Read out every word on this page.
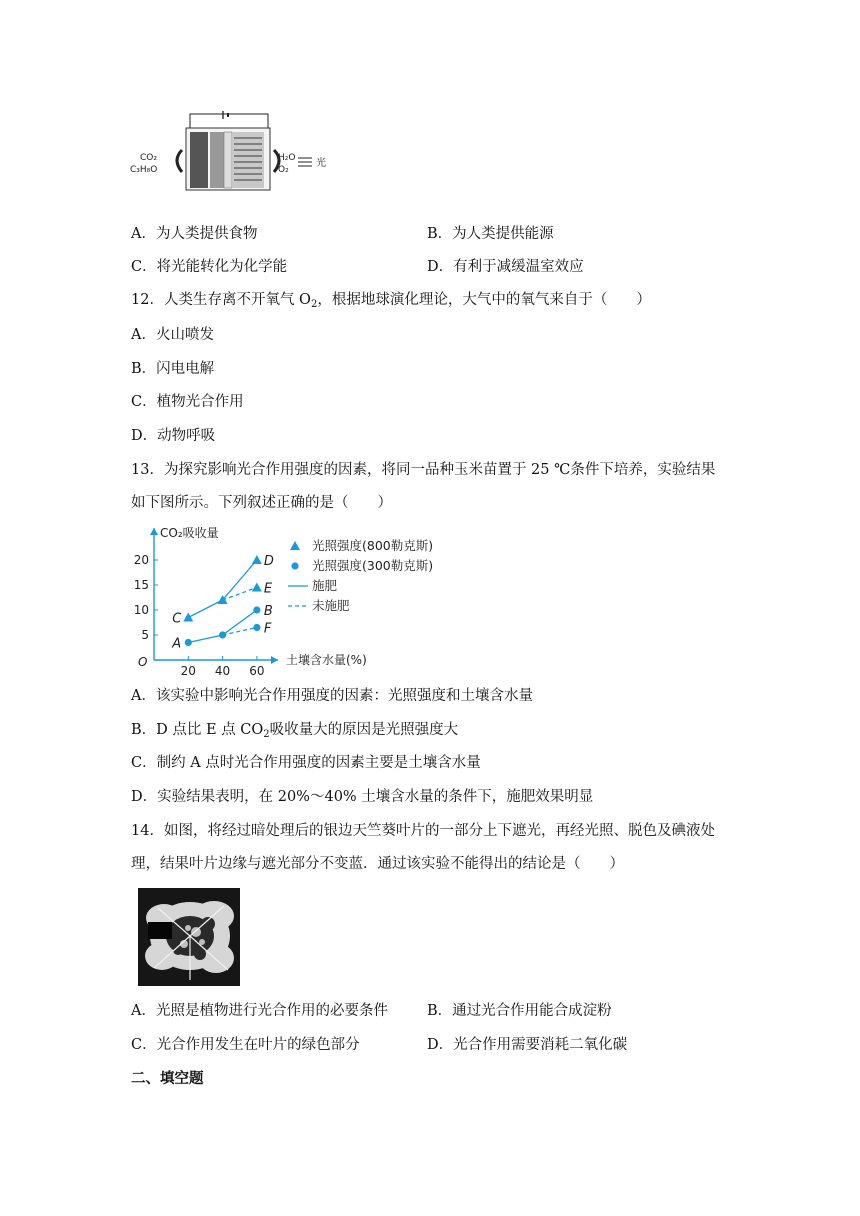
CO₂
C₃H₈O
H₂O
O₂
光
A．为人类提供食物	B．为人类提供能源
C．将光能转化为化学能	D．有利于减缓温室效应
12．人类生存离不开氧气 $O_2$，根据地球演化理论，大气中的氧气来自于（　　）
A．火山喷发
B．闪电电解
C．植物光合作用
D．动物呼吸
13．为探究影响光合作用强度的因素，将同一品种玉米苗置于 25 ℃条件下培养，实验结果
如下图所示。下列叙述正确的是（　　）
CO₂吸收量
土壤含水量(%)
O
5
10
15
20
20 40 60
C
D
E
A
B
F
光照强度(800勒克斯)
光照强度(300勒克斯)
施肥
未施肥
A．该实验中影响光合作用强度的因素：光照强度和土壤含水量
B．D 点比 E 点 $CO_2$吸收量大的原因是光照强度大
C．制约 A 点时光合作用强度的因素主要是土壤含水量
D．实验结果表明，在 20%～40% 土壤含水量的条件下，施肥效果明显
14．如图，将经过暗处理后的银边天竺葵叶片的一部分上下遮光，再经光照、脱色及碘液处
理，结果叶片边缘与遮光部分不变蓝．通过该实验不能得出的结论是（　　）
A．光照是植物进行光合作用的必要条件	B．通过光合作用能合成淀粉
C．光合作用发生在叶片的绿色部分	D．光合作用需要消耗二氧化碳
二、填空题
